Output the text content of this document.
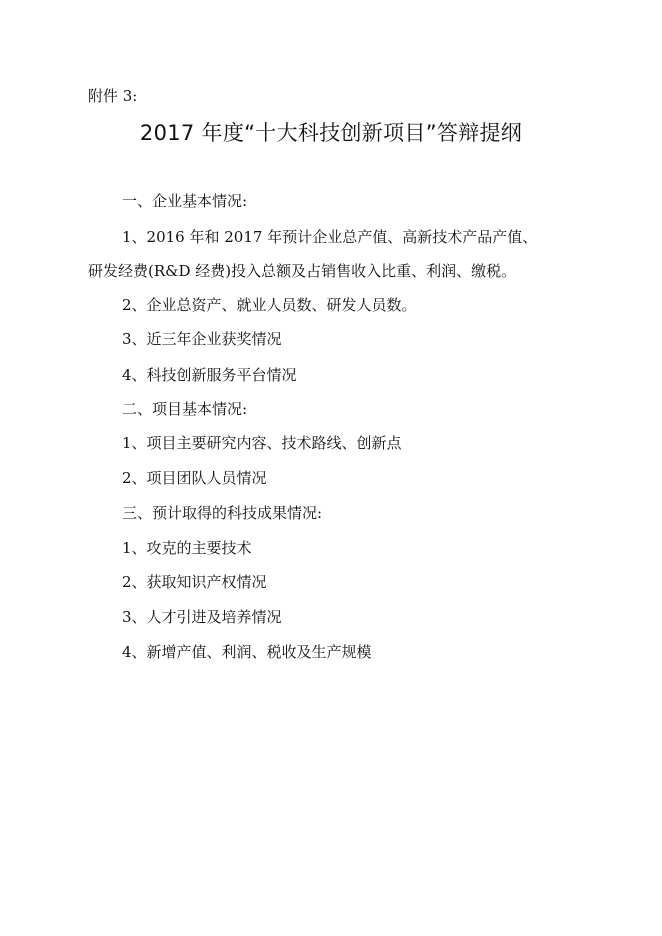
附件 3:
2017 年度“十大科技创新项目”答辩提纲
一、企业基本情况:
1、2016 年和 2017 年预计企业总产值、高新技术产品产值、
研发经费(R&D 经费)投入总额及占销售收入比重、利润、缴税。
2、企业总资产、就业人员数、研发人员数。
3、近三年企业获奖情况
4、科技创新服务平台情况
二、项目基本情况:
1、项目主要研究内容、技术路线、创新点
2、项目团队人员情况
三、预计取得的科技成果情况:
1、攻克的主要技术
2、获取知识产权情况
3、人才引进及培养情况
4、新增产值、利润、税收及生产规模
